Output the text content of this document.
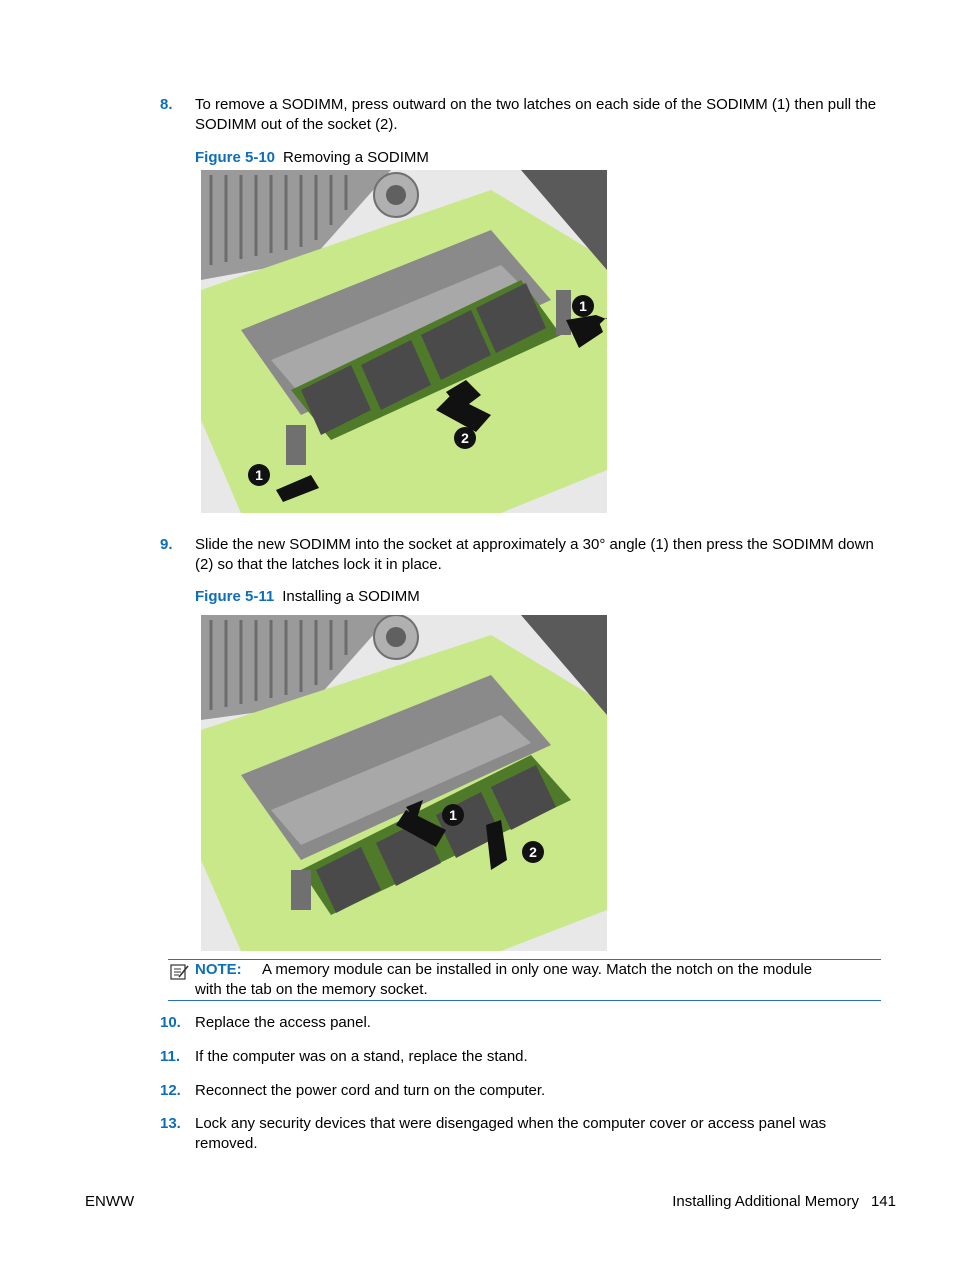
8. To remove a SODIMM, press outward on the two latches on each side of the SODIMM (1) then pull the SODIMM out of the socket (2).
Figure 5-10 Removing a SODIMM
1
2
1
9. Slide the new SODIMM into the socket at approximately a 30° angle (1) then press the SODIMM down (2) so that the latches lock it in place.
Figure 5-11 Installing a SODIMM
1
2
NOTE: A memory module can be installed in only one way. Match the notch on the module
with the tab on the memory socket.
10. Replace the access panel.
11. If the computer was on a stand, replace the stand.
12. Reconnect the power cord and turn on the computer.
13. Lock any security devices that were disengaged when the computer cover or access panel was removed.
ENWW	Installing Additional Memory 141
